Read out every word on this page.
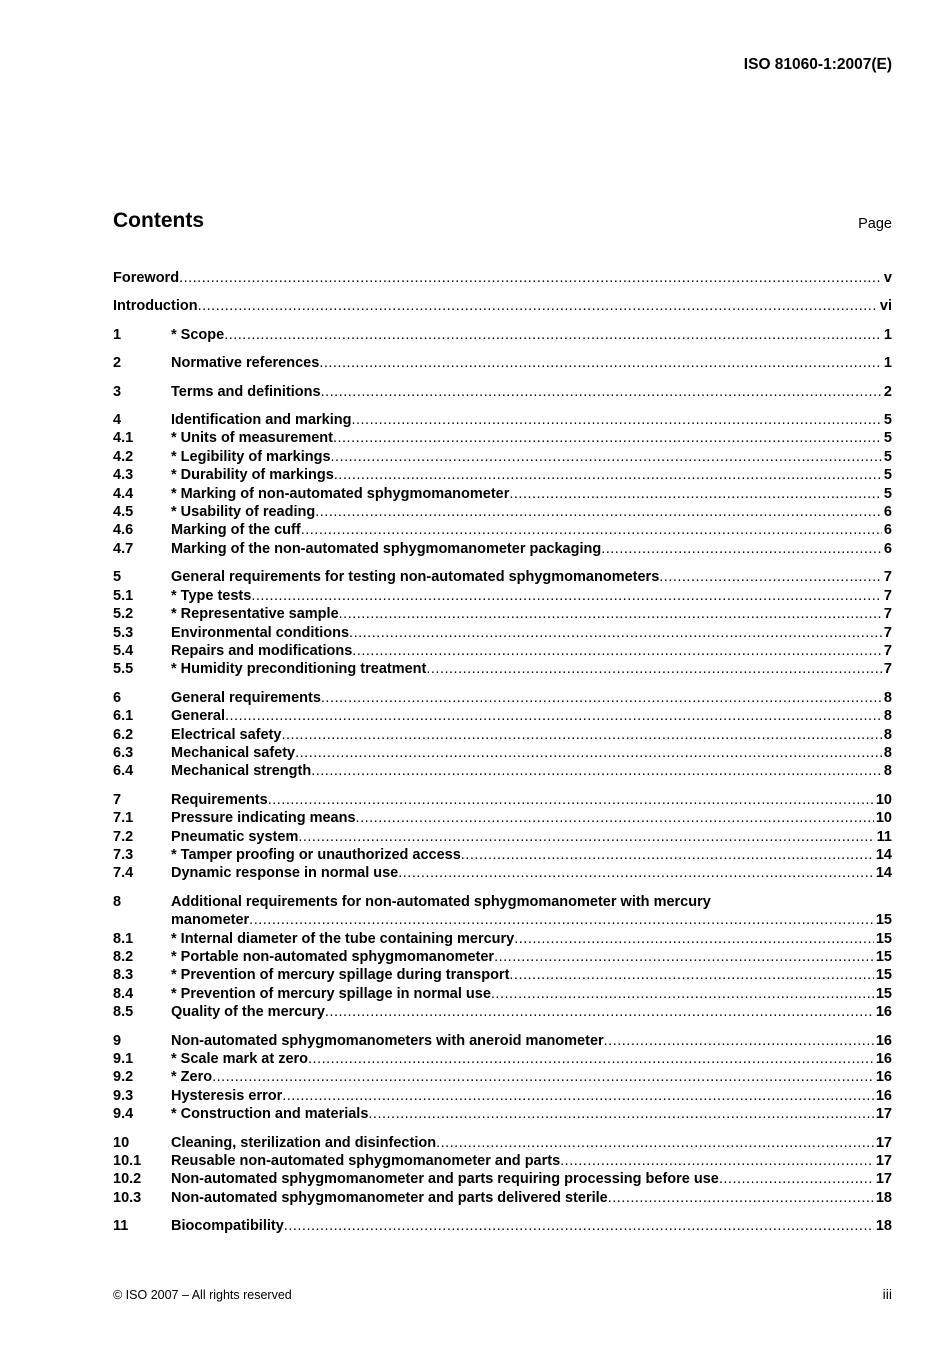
ISO 81060-1:2007(E)
Contents	Page
Foreword .....	v
Introduction .....	vi
1	* Scope .....	1
2	Normative references .....	1
3	Terms and definitions .....	2
4	Identification and marking .....	5
4.1	* Units of measurement .....	5
4.2	* Legibility of markings .....	5
4.3	* Durability of markings .....	5
4.4	* Marking of non-automated sphygmomanometer .....	5
4.5	* Usability of reading .....	6
4.6	Marking of the cuff .....	6
4.7	Marking of the non-automated sphygmomanometer packaging .....	6
5	General requirements for testing non-automated sphygmomanometers .....	7
5.1	* Type tests .....	7
5.2	* Representative sample .....	7
5.3	Environmental conditions .....	7
5.4	Repairs and modifications .....	7
5.5	* Humidity preconditioning treatment .....	7
6	General requirements .....	8
6.1	General .....	8
6.2	Electrical safety .....	8
6.3	Mechanical safety .....	8
6.4	Mechanical strength .....	8
7	Requirements .....	10
7.1	Pressure indicating means .....	10
7.2	Pneumatic system .....	11
7.3	* Tamper proofing or unauthorized access .....	14
7.4	Dynamic response in normal use .....	14
8	Additional requirements for non-automated sphygmomanometer with mercury
manometer .....	15
8.1	* Internal diameter of the tube containing mercury .....	15
8.2	* Portable non-automated sphygmomanometer .....	15
8.3	* Prevention of mercury spillage during transport .....	15
8.4	* Prevention of mercury spillage in normal use .....	15
8.5	Quality of the mercury .....	16
9	Non-automated sphygmomanometers with aneroid manometer .....	16
9.1	* Scale mark at zero .....	16
9.2	* Zero .....	16
9.3	Hysteresis error .....	16
9.4	* Construction and materials .....	17
10	Cleaning, sterilization and disinfection .....	17
10.1	Reusable non-automated sphygmomanometer and parts .....	17
10.2	Non-automated sphygmomanometer and parts requiring processing before use .....	17
10.3	Non-automated sphygmomanometer and parts delivered sterile .....	18
11	Biocompatibility .....	18
© ISO 2007 – All rights reserved	iii
